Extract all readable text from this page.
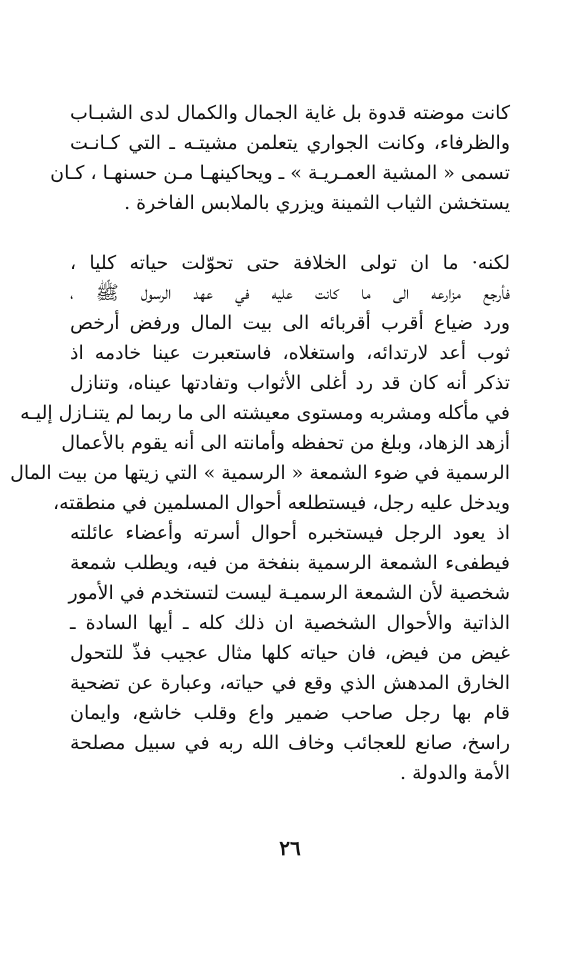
كانت موضته قدوة بل غاية الجمال والكمال لدى الشبـاب
والظرفاء، وكانت الجواري يتعلمن مشيتـه ـ التي كـانـت
تسمى « المشية العمـريـة » ـ ويحاكينهـا مـن حسنهـا ، كـان
يستخشن الثياب الثمينة ويزري بالملابس الفاخرة .
لكنه· ما ان تولى الخلافة حتى تحوّلت حياته كليا ،
فأرجع مزارعه الى ما كانت عليه في عهد الرسول ﷺ ،
ورد ضياع أقرب أقربائه الى بيت المال ورفض أرخص
ثوب أعد لارتدائه، واستغلاه، فاستعبرت عينا خادمه اذ
تذكر أنه كان قد رد أغلى الأثواب وتفادتها عيناه، وتنازل
في مأكله ومشربه ومستوى معيشته الى ما ربما لم يتنـازل إليـه
أزهد الزهاد، وبلغ من تحفظه وأمانته الى أنه يقوم بالأعمال
الرسمية في ضوء الشمعة « الرسمية » التي زيتها من بيت المال
ويدخل عليه رجل، فيستطلعه أحوال المسلمين في منطقته،
اذ يعود الرجل فيستخبره أحوال أسرته وأعضاء عائلته
فيطفىء الشمعة الرسمية بنفخة من فيه، ويطلب شمعة
شخصية لأن الشمعة الرسميـة ليست لتستخدم في الأمور
الذاتية والأحوال الشخصية ان ذلك كله ـ أيها السادة ـ
غيض من فيض، فان حياته كلها مثال عجيب فذّ للتحول
الخارق المدهش الذي وقع في حياته، وعبارة عن تضحية
قام بها رجل صاحب ضمير واع وقلب خاشع، وايمان
راسخ، صانع للعجائب وخاف الله ربه في سبيل مصلحة
الأمة والدولة .
٢٦
